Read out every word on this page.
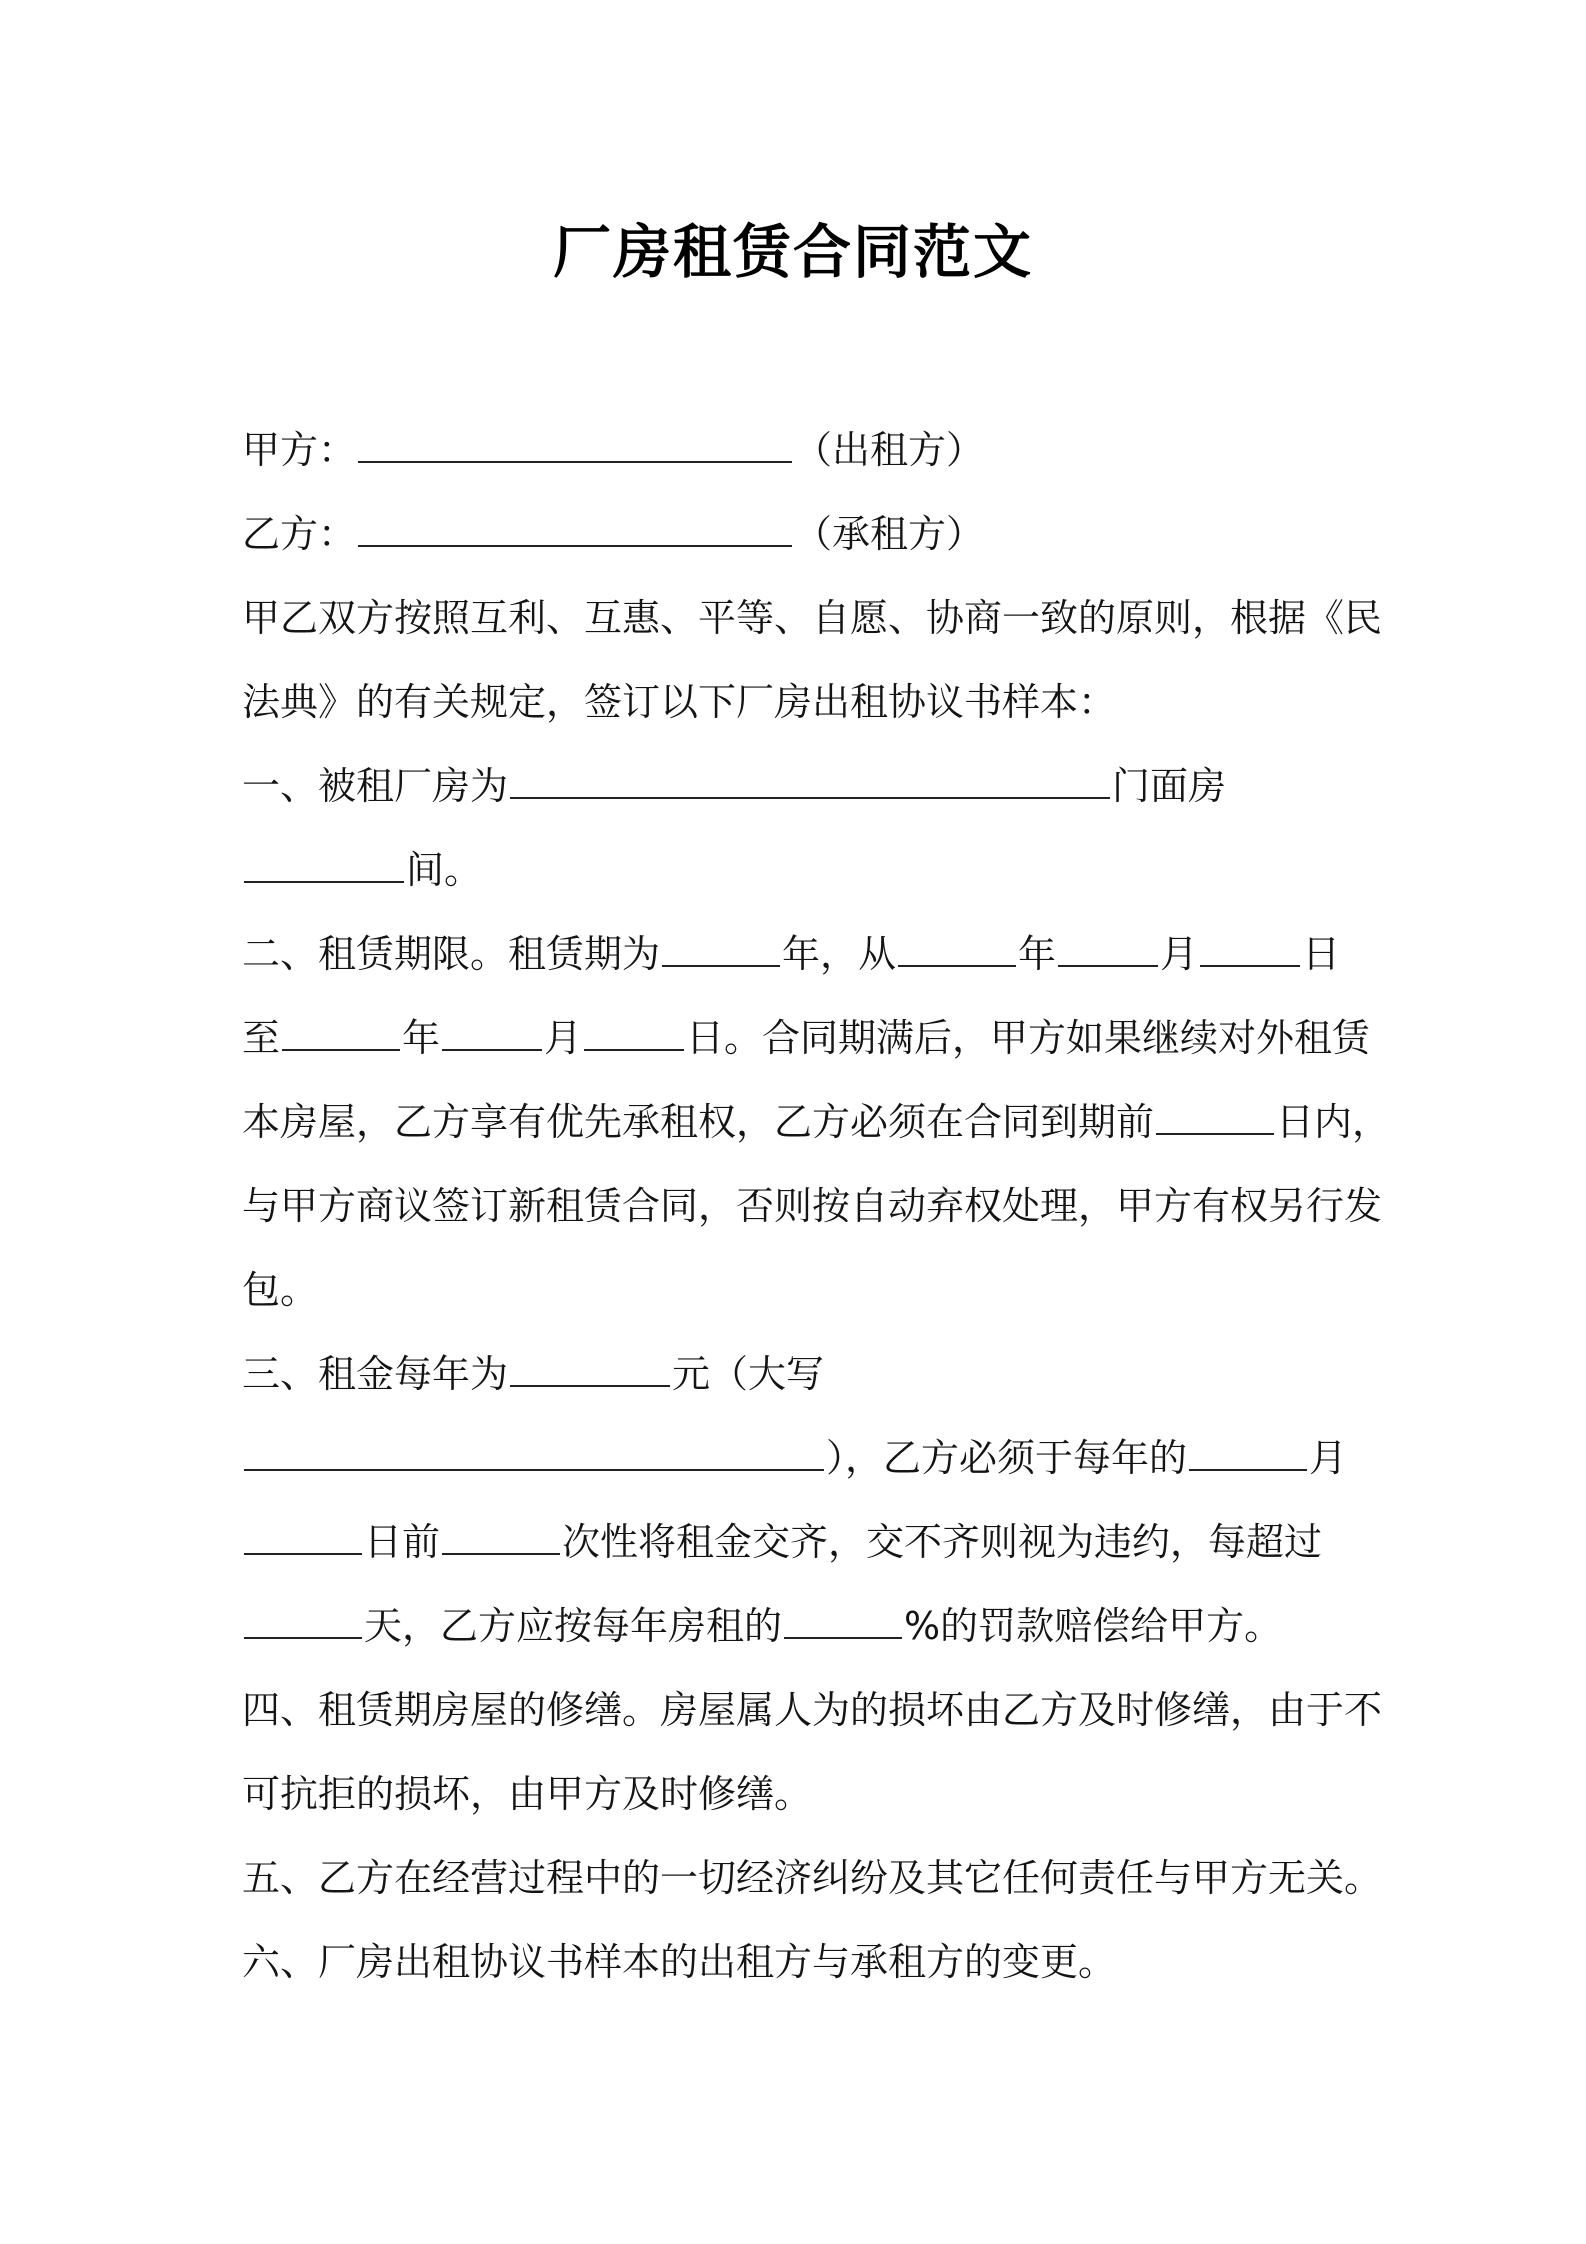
厂房租赁合同范文
甲方：	（出租方）
乙方：	（承租方）
甲乙双方按照互利、互惠、平等、自愿、协商一致的原则，根据《民
法典》的有关规定，签订以下厂房出租协议书样本：
一、被租厂房为	门面房
间。
二、租赁期限。租赁期为	年，从	年	月	日
至	年	月	日。合同期满后，甲方如果继续对外租赁
本房屋，乙方享有优先承租权，乙方必须在合同到期前	日内，
与甲方商议签订新租赁合同，否则按自动弃权处理，甲方有权另行发
包。
三、租金每年为	元（大写
），乙方必须于每年的	月
日前	次性将租金交齐，交不齐则视为违约，每超过
天，乙方应按每年房租的	%的罚款赔偿给甲方。
四、租赁期房屋的修缮。房屋属人为的损坏由乙方及时修缮，由于不
可抗拒的损坏，由甲方及时修缮。
五、乙方在经营过程中的一切经济纠纷及其它任何责任与甲方无关。
六、厂房出租协议书样本的出租方与承租方的变更。
